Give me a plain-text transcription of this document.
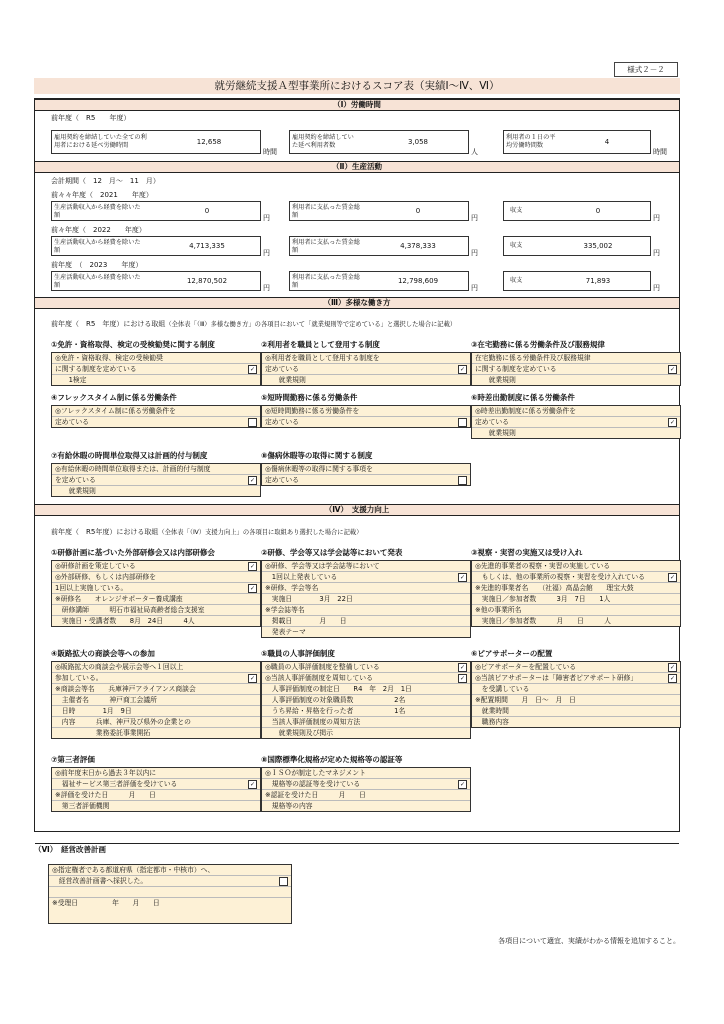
様式２－２
就労継続支援Ａ型事業所におけるスコア表（実績Ⅰ～Ⅳ、Ⅵ）
（Ⅰ）労働時間
前年度（　R5　　年度）
雇用契約を締結していた全ての利用者における延べ労働時間	12,658
時間
雇用契約を締結していた延べ利用者数	3,058
人
利用者の１日の平均労働時間数	4
時間
（Ⅱ）生産活動
会計期間（　12　月～　11　月）
前々々年度（　2021　　年度）
生産活動収入から経費を除いた額
0
円
利用者に支払った賃金総額
0
円
収支	0
円
前々年度（　2022　　年度）
生産活動収入から経費を除いた額
4,713,335
円
利用者に支払った賃金総額
4,378,333
円
収支	335,002
円
前年度　（　2023　　年度）
生産活動収入から経費を除いた額
12,870,502
円
利用者に支払った賃金総額
12,798,609
円
収支	71,893
円
（Ⅲ）多様な働き方
前年度（　R5　年度）における取組（全体表「（Ⅲ）多様な働き方」の各項目において「就業規則等で定めている」と選択した場合に記載）
①免許・資格取得、検定の受検勧奨に関する制度
◎免許・資格取得、検定の受検勧奨
に関する制度を定めている	✓
　　1検定
②利用者を職員として登用する制度
◎利用者を職員として登用する制度を
定めている	✓
　　就業規則
③在宅勤務に係る労働条件及び服務規律
在宅勤務に係る労働条件及び服務規律
に関する制度を定めている	✓
　　就業規則
④フレックスタイム制に係る労働条件
◎フレックスタイム制に係る労働条件を
定めている
⑤短時間勤務に係る労働条件
◎短時間勤務に係る労働条件を
定めている
⑥時差出勤制度に係る労働条件
◎時差出勤制度に係る労働条件を
定めている	✓
　　就業規則
⑦有給休暇の時間単位取得又は計画的付与制度
◎有給休暇の時間単位取得または、計画的付与制度
を定めている	✓
　　就業規則
⑧傷病休暇等の取得に関する制度
◎傷病休暇等の取得に関する事項を
定めている
（Ⅳ）　支援力向上
前年度（　R5年度）における取組（全体表「（Ⅳ）支援力向上」の各項目に取組あり選択した場合に記載）
①研修計画に基づいた外部研修会又は内部研修会
◎研修計画を策定している	✓
◎外部研修、もしくは内部研修を
1回以上実施している。	✓
※研修名　　オレンジサポーター養成講座
　研修講師　　　明石市福祉局高齢者総合支援室
　実施日・受講者数　　8月　24日　　　4人
②研修、学会等又は学会誌等において発表
◎研修、学会等又は学会誌等において
　1回以上発表している	✓
※研修、学会等名
　実施日　　　　3月　22日
※学会誌等名
　掲載日　　　　月　　日
　発表テーマ
③視察・実習の実施又は受け入れ
◎先進的事業者の視察・実習の実施している
　もしくは、他の事業所の視察・実習を受け入れている	✓
※先進的事業者名　　（社福）高晶会館　　理宝大鼓
　実施日／参加者数　　　3月　7日　　1人
※他の事業所名
　実施日／参加者数　　　月　　日　　　人
④販路拡大の商談会等への参加
◎販路拡大の商談会や展示会等へ１回以上
参加している。	✓
※商談会等名　　兵庫神戸アライアンス商談会
　主催者名　　　神戸商工会議所
　日時　　　　1月　9日
　内容　　　兵庫、神戸及び県外の企業との
　　　　　　業務委託事業開拓
⑤職員の人事評価制度
◎職員の人事評価制度を整備している	✓
◎当該人事評価制度を周知している	✓
　人事評価制度の制定日　　R4　年　2月　1日
　人事評価制度の対象職員数　　　　　　2名
　うち昇給・昇格を行った者　　　　　　1名
　当該人事評価制度の周知方法
　　就業規則及び掲示
⑥ピアサポーターの配置
◎ピアサポーターを配置している	✓
◎当該ピアサポーターは「障害者ピアサポート研修」	✓
　を受講している
※配置期間　　月　日～　月　日
　就業時間
　職務内容
⑦第三者評価
◎前年度末日から過去３年以内に
　福祉サービス第三者評価を受けている	✓
※評価を受けた日　　　月　　日
　第三者評価機関
⑧国際標準化規格が定めた規格等の認証等
◎ＩＳＯが制定したマネジメント
　規格等の認証等を受けている	✓
※認証を受けた日　　　月　　日
　規格等の内容
（Ⅵ）　経営改善計画
◎指定権者である都道府県（指定都市・中核市）へ、
　経営改善計画書へ採択した。
※受理日　　　　　年　　月　　日
各項目について適宜、実績がわかる情報を追加すること。
